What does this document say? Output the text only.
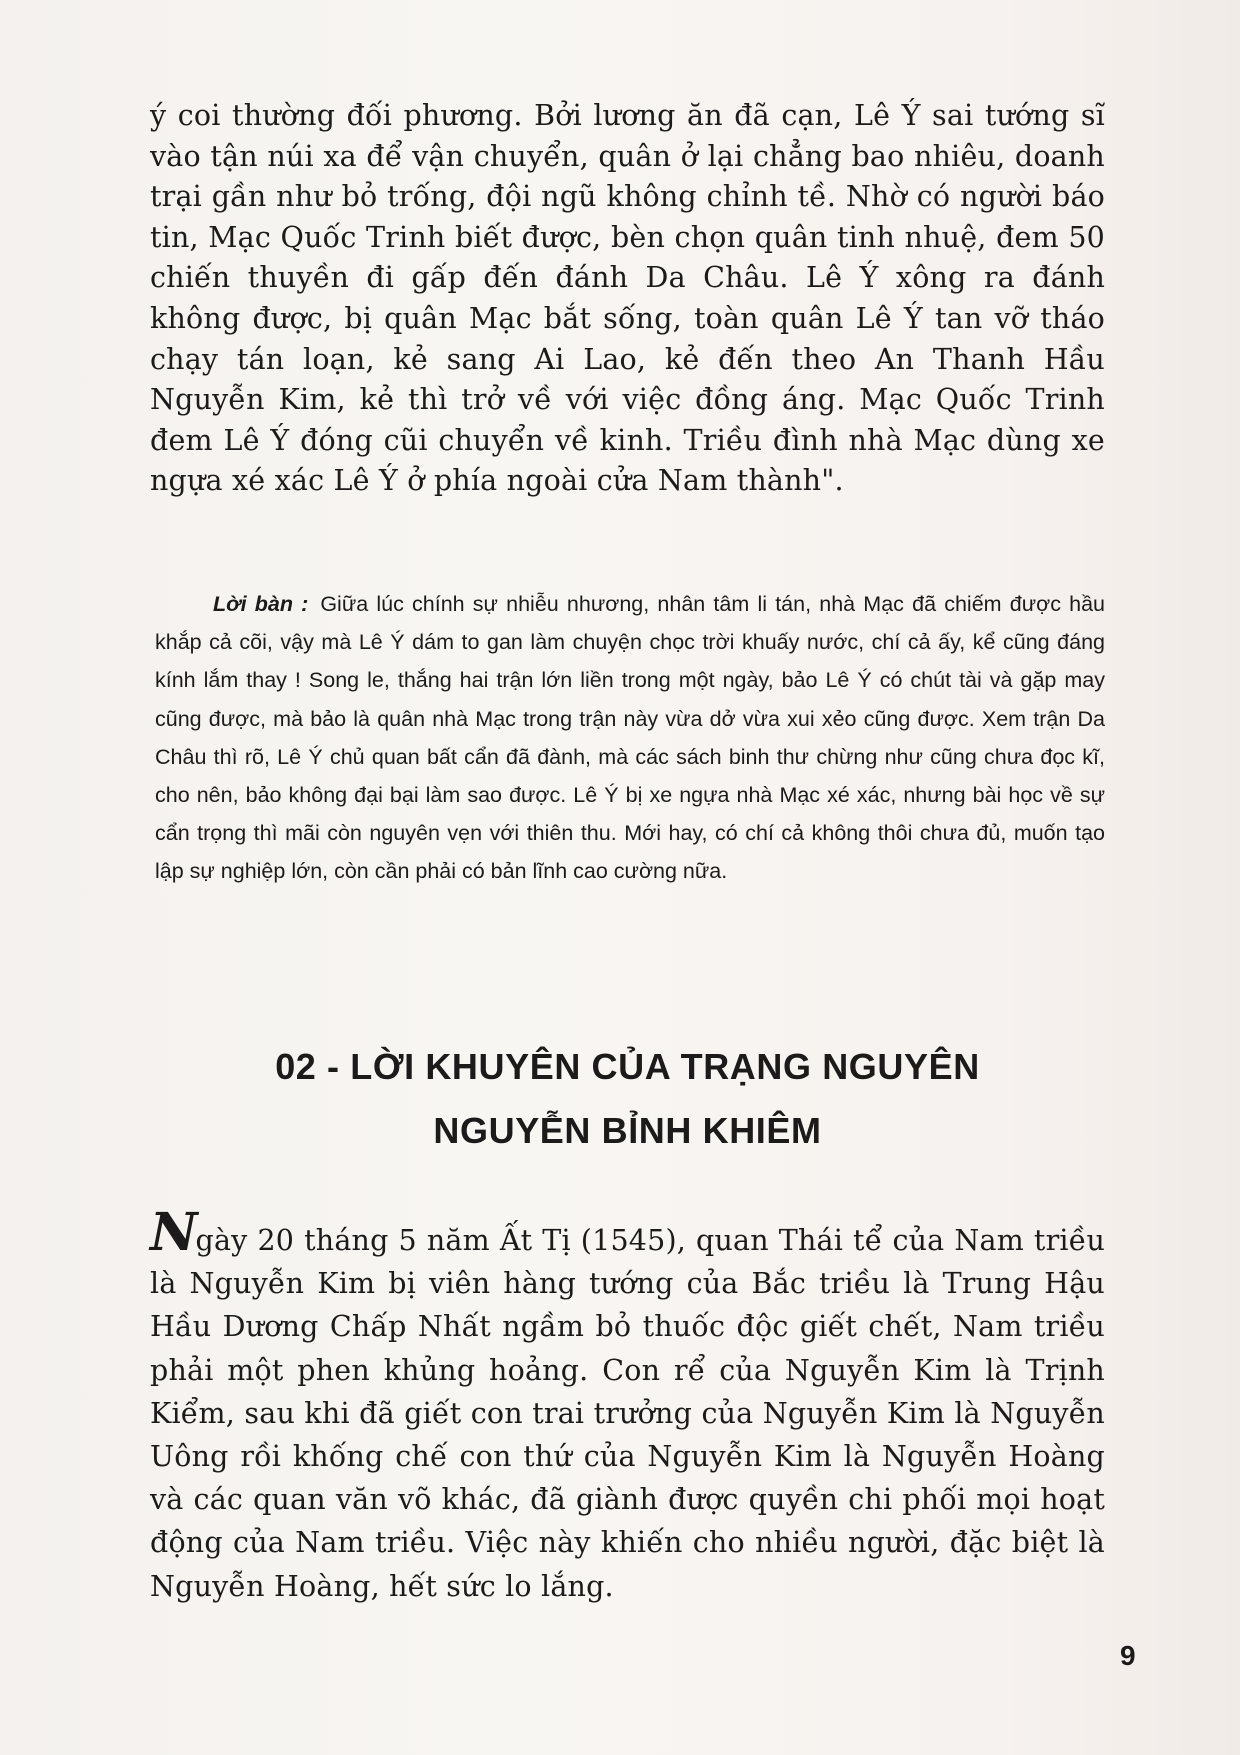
ý coi thường đối phương. Bởi lương ăn đã cạn, Lê Ý sai tướng sĩ vào tận núi xa để vận chuyển, quân ở lại chẳng bao nhiêu, doanh trại gần như bỏ trống, đội ngũ không chỉnh tề. Nhờ có người báo tin, Mạc Quốc Trinh biết được, bèn chọn quân tinh nhuệ, đem 50 chiến thuyền đi gấp đến đánh Da Châu. Lê Ý xông ra đánh không được, bị quân Mạc bắt sống, toàn quân Lê Ý tan vỡ tháo chạy tán loạn, kẻ sang Ai Lao, kẻ đến theo An Thanh Hầu Nguyễn Kim, kẻ thì trở về với việc đồng áng. Mạc Quốc Trinh đem Lê Ý đóng cũi chuyển về kinh. Triều đình nhà Mạc dùng xe ngựa xé xác Lê Ý ở phía ngoài cửa Nam thành".

Lời bàn : Giữa lúc chính sự nhiễu nhương, nhân tâm li tán, nhà Mạc đã chiếm được hầu khắp cả cõi, vậy mà Lê Ý dám to gan làm chuyện chọc trời khuấy nước, chí cả ấy, kể cũng đáng kính lắm thay ! Song le, thắng hai trận lớn liền trong một ngày, bảo Lê Ý có chút tài và gặp may cũng được, mà bảo là quân nhà Mạc trong trận này vừa dở vừa xui xẻo cũng được. Xem trận Da Châu thì rõ, Lê Ý chủ quan bất cẩn đã đành, mà các sách binh thư chừng như cũng chưa đọc kĩ, cho nên, bảo không đại bại làm sao được. Lê Ý bị xe ngựa nhà Mạc xé xác, nhưng bài học về sự cẩn trọng thì mãi còn nguyên vẹn với thiên thu. Mới hay, có chí cả không thôi chưa đủ, muốn tạo lập sự nghiệp lớn, còn cần phải có bản lĩnh cao cường nữa.

02 - LỜI KHUYÊN CỦA TRẠNG NGUYÊN
NGUYỄN BỈNH KHIÊM

Ngày 20 tháng 5 năm Ất Tị (1545), quan Thái tể của Nam triều là Nguyễn Kim bị viên hàng tướng của Bắc triều là Trung Hậu Hầu Dương Chấp Nhất ngầm bỏ thuốc độc giết chết, Nam triều phải một phen khủng hoảng. Con rể của Nguyễn Kim là Trịnh Kiểm, sau khi đã giết con trai trưởng của Nguyễn Kim là Nguyễn Uông rồi khống chế con thứ của Nguyễn Kim là Nguyễn Hoàng và các quan văn võ khác, đã giành được quyền chi phối mọi hoạt động của Nam triều. Việc này khiến cho nhiều người, đặc biệt là Nguyễn Hoàng, hết sức lo lắng.

9
